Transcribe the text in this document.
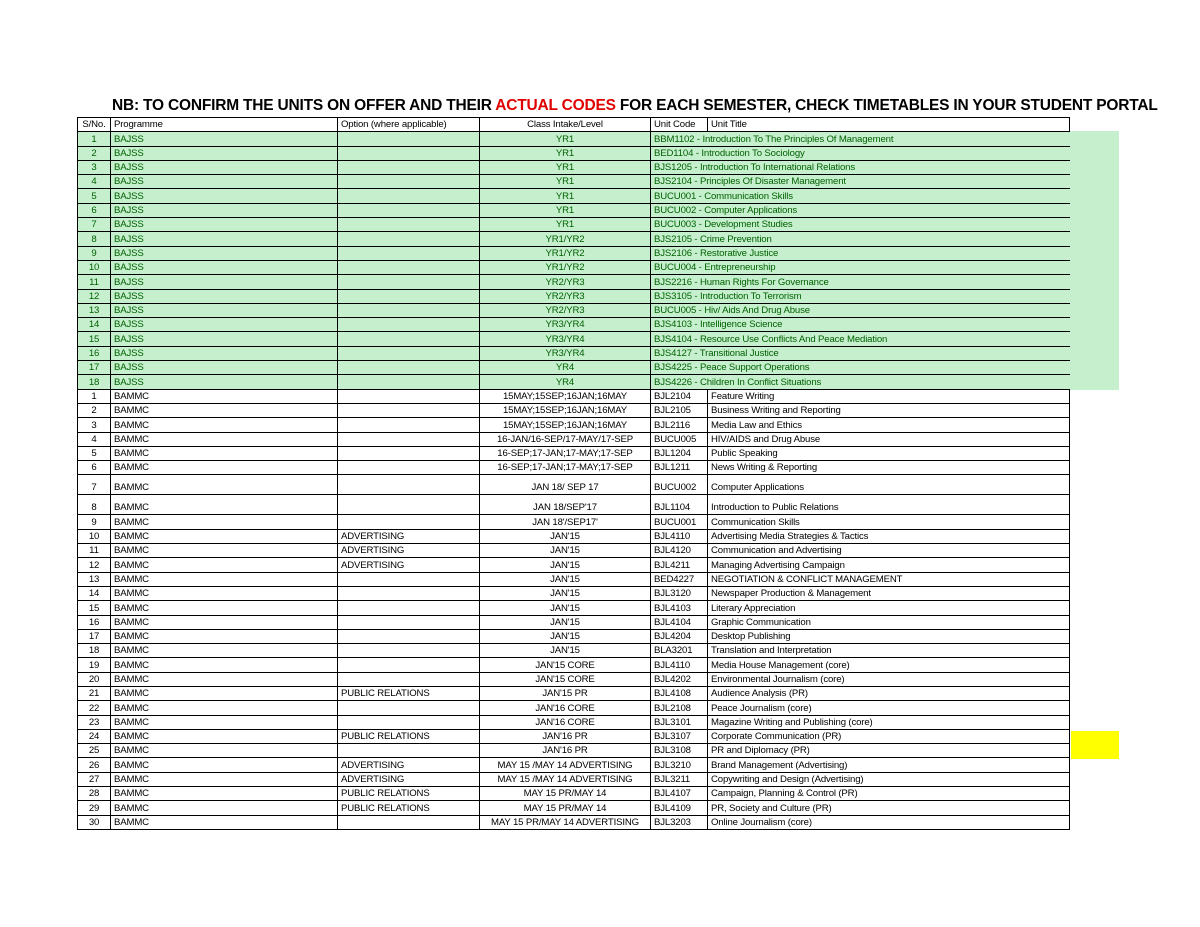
NB: TO CONFIRM THE UNITS ON OFFER AND THEIR ACTUAL CODES FOR EACH SEMESTER, CHECK TIMETABLES IN YOUR STUDENT PORTAL
S/No.	Programme	Option (where applicable)	Class Intake/Level	Unit Code	Unit Title
1	BAJSS		YR1	BBM1102 - Introduction To The Principles Of Management	
2	BAJSS		YR1	BED1104 - Introduction To Sociology	
3	BAJSS		YR1	BJS1205 - Introduction To International Relations	
4	BAJSS		YR1	BJS2104 - Principles Of Disaster Management	
5	BAJSS		YR1	BUCU001 - Communication Skills	
6	BAJSS		YR1	BUCU002 - Computer Applications	
7	BAJSS		YR1	BUCU003 - Development Studies	
8	BAJSS		YR1/YR2	BJS2105 - Crime Prevention	
9	BAJSS		YR1/YR2	BJS2106 - Restorative Justice	
10	BAJSS		YR1/YR2	BUCU004 - Entrepreneurship	
11	BAJSS		YR2/YR3	BJS2216 - Human Rights For Governance	
12	BAJSS		YR2/YR3	BJS3105 - Introduction To Terrorism	
13	BAJSS		YR2/YR3	BUCU005 - Hiv/ Aids And Drug Abuse	
14	BAJSS		YR3/YR4	BJS4103 - Intelligence Science	
15	BAJSS		YR3/YR4	BJS4104 - Resource Use Conflicts And Peace Mediation	
16	BAJSS		YR3/YR4	BJS4127 - Transitional Justice	
17	BAJSS		YR4	BJS4225 - Peace Support Operations	
18	BAJSS		YR4	BJS4226 - Children In Conflict Situations	
1	BAMMC		15MAY;15SEP;16JAN;16MAY	BJL2104	Feature Writing
2	BAMMC		15MAY;15SEP;16JAN;16MAY	BJL2105	Business Writing and Reporting
3	BAMMC		15MAY;15SEP;16JAN;16MAY	BJL2116	Media Law and Ethics
4	BAMMC		16-JAN/16-SEP/17-MAY/17-SEP	BUCU005	HIV/AIDS and Drug Abuse
5	BAMMC		16-SEP;17-JAN;17-MAY;17-SEP	BJL1204	Public Speaking
6	BAMMC		16-SEP;17-JAN;17-MAY;17-SEP	BJL1211	News Writing & Reporting
7	BAMMC		JAN 18/ SEP 17	BUCU002	Computer Applications
8	BAMMC		JAN 18/SEP'17	BJL1104	Introduction to Public Relations
9	BAMMC		JAN 18'/SEP17'	BUCU001	Communication Skills
10	BAMMC	ADVERTISING	JAN'15	BJL4110	Advertising Media Strategies & Tactics
11	BAMMC	ADVERTISING	JAN'15	BJL4120	Communication and Advertising
12	BAMMC	ADVERTISING	JAN'15	BJL4211	Managing Advertising Campaign
13	BAMMC		JAN'15	BED4227	NEGOTIATION & CONFLICT MANAGEMENT
14	BAMMC		JAN'15	BJL3120	Newspaper Production & Management
15	BAMMC		JAN'15	BJL4103	Literary Appreciation
16	BAMMC		JAN'15	BJL4104	Graphic Communication
17	BAMMC		JAN'15	BJL4204	Desktop Publishing
18	BAMMC		JAN'15	BLA3201	Translation and Interpretation
19	BAMMC		JAN'15 CORE	BJL4110	Media House Management (core)
20	BAMMC		JAN'15 CORE	BJL4202	Environmental Journalism (core)
21	BAMMC	PUBLIC RELATIONS	JAN'15 PR	BJL4108	Audience Analysis (PR)
22	BAMMC		JAN'16 CORE	BJL2108	Peace Journalism (core)
23	BAMMC		JAN'16 CORE	BJL3101	Magazine Writing and Publishing (core)
24	BAMMC	PUBLIC RELATIONS	JAN'16 PR	BJL3107	Corporate Communication (PR)
25	BAMMC		JAN'16 PR	BJL3108	PR and Diplomacy (PR)
26	BAMMC	ADVERTISING	MAY 15 /MAY 14 ADVERTISING	BJL3210	Brand Management (Advertising)
27	BAMMC	ADVERTISING	MAY 15 /MAY 14 ADVERTISING	BJL3211	Copywriting and Design (Advertising)
28	BAMMC	PUBLIC RELATIONS	MAY 15 PR/MAY 14	BJL4107	Campaign, Planning & Control (PR)
29	BAMMC	PUBLIC RELATIONS	MAY 15 PR/MAY 14	BJL4109	PR, Society and Culture (PR)
30	BAMMC		MAY 15 PR/MAY 14 ADVERTISING	BJL3203	Online Journalism (core)
